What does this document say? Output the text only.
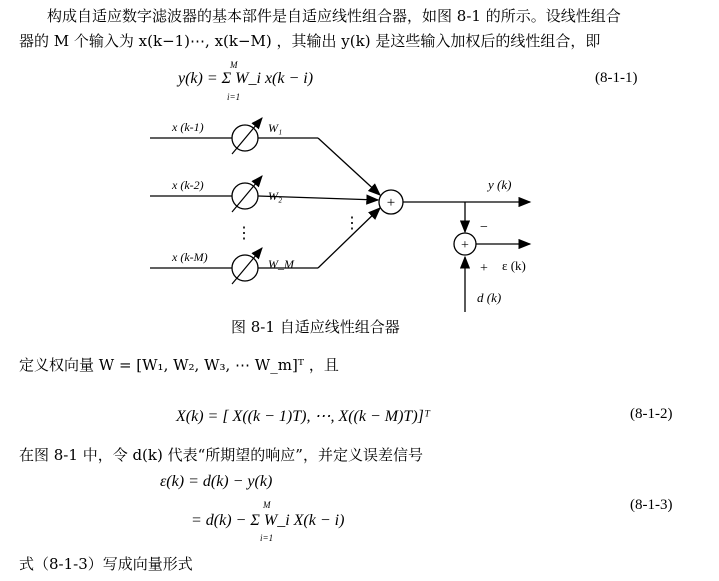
构成自适应数字滤波器的基本部件是自适应线性组合器，如图 8-1 的所示。设线性组合
器的 M 个输入为 x(k−1)⋯, x(k−M) ，其输出 y(k) 是这些输入加权后的线性组合，即
y(k) = Σ W_i x(k − i)
M
i=1
(8-1-1)
+
y (k)
+
−
+ ε (k)
d (k)
x (k-1)
x (k-2)
x (k-M)
W₁
W₂
W_M
⋮
⋮
图 8-1 自适应线性组合器
定义权向量 W = [W₁, W₂, W₃, ⋯ W_m]ᵀ ，且
X(k) = [ X((k − 1)T), ⋯, X((k − M)T)]ᵀ	(8-1-2)
在图 8-1 中，令 d(k) 代表“所期望的响应”，并定义误差信号
ε(k) = d(k) − y(k)
= d(k) − Σ W_i X(k − i)
M
i=1
(8-1-3)
式（8-1-3）写成向量形式
